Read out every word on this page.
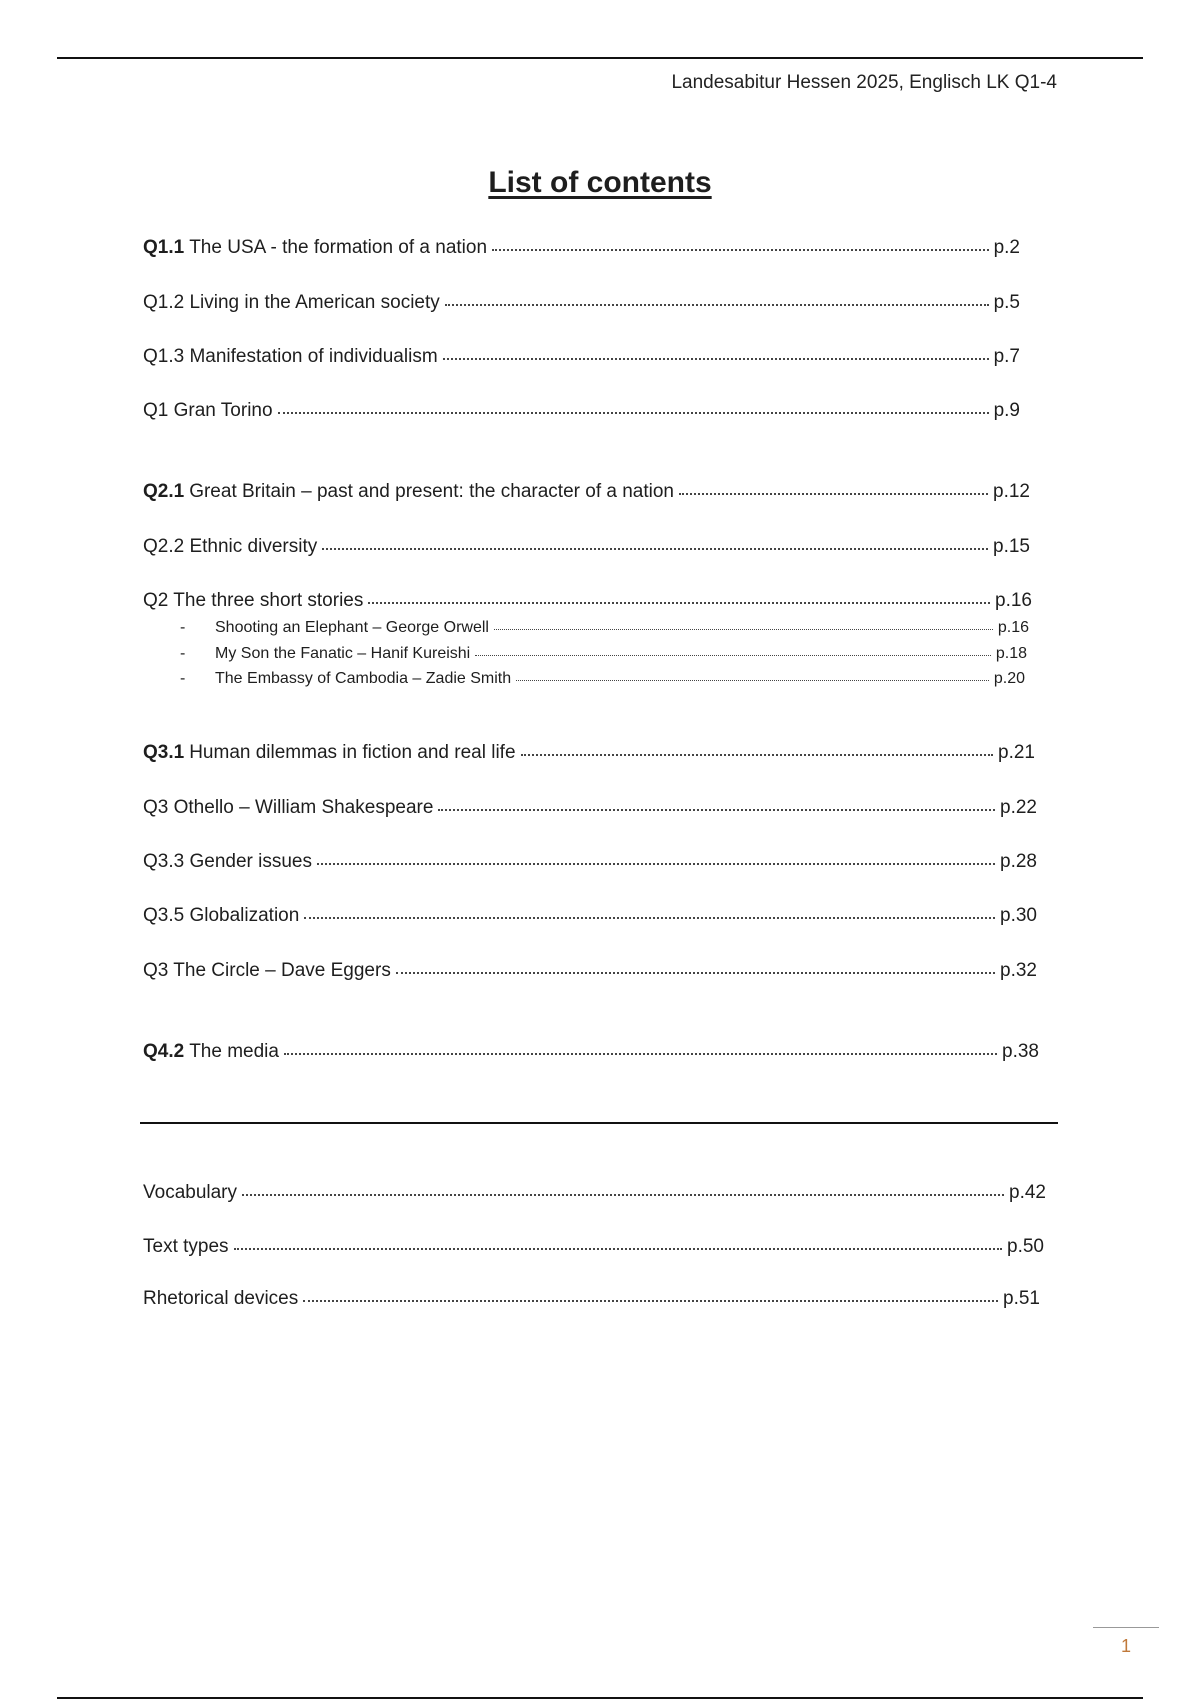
Landesabitur Hessen 2025, Englisch LK Q1-4
List of contents
Q1.1 The USA - the formation of a nation	p.2
Q1.2 Living in the American society	p.5
Q1.3 Manifestation of individualism	p.7
Q1 Gran Torino	p.9
Q2.1 Great Britain – past and present: the character of a nation	p.12
Q2.2 Ethnic diversity	p.15
Q2 The three short stories	p.16
- Shooting an Elephant – George Orwell	p.16
- My Son the Fanatic – Hanif Kureishi	p.18
- The Embassy of Cambodia – Zadie Smith	p.20
Q3.1 Human dilemmas in fiction and real life	p.21
Q3 Othello – William Shakespeare	p.22
Q3.3 Gender issues	p.28
Q3.5 Globalization	p.30
Q3 The Circle – Dave Eggers	p.32
Q4.2 The media	p.38
Vocabulary	p.42
Text types	p.50
Rhetorical devices	p.51
1
